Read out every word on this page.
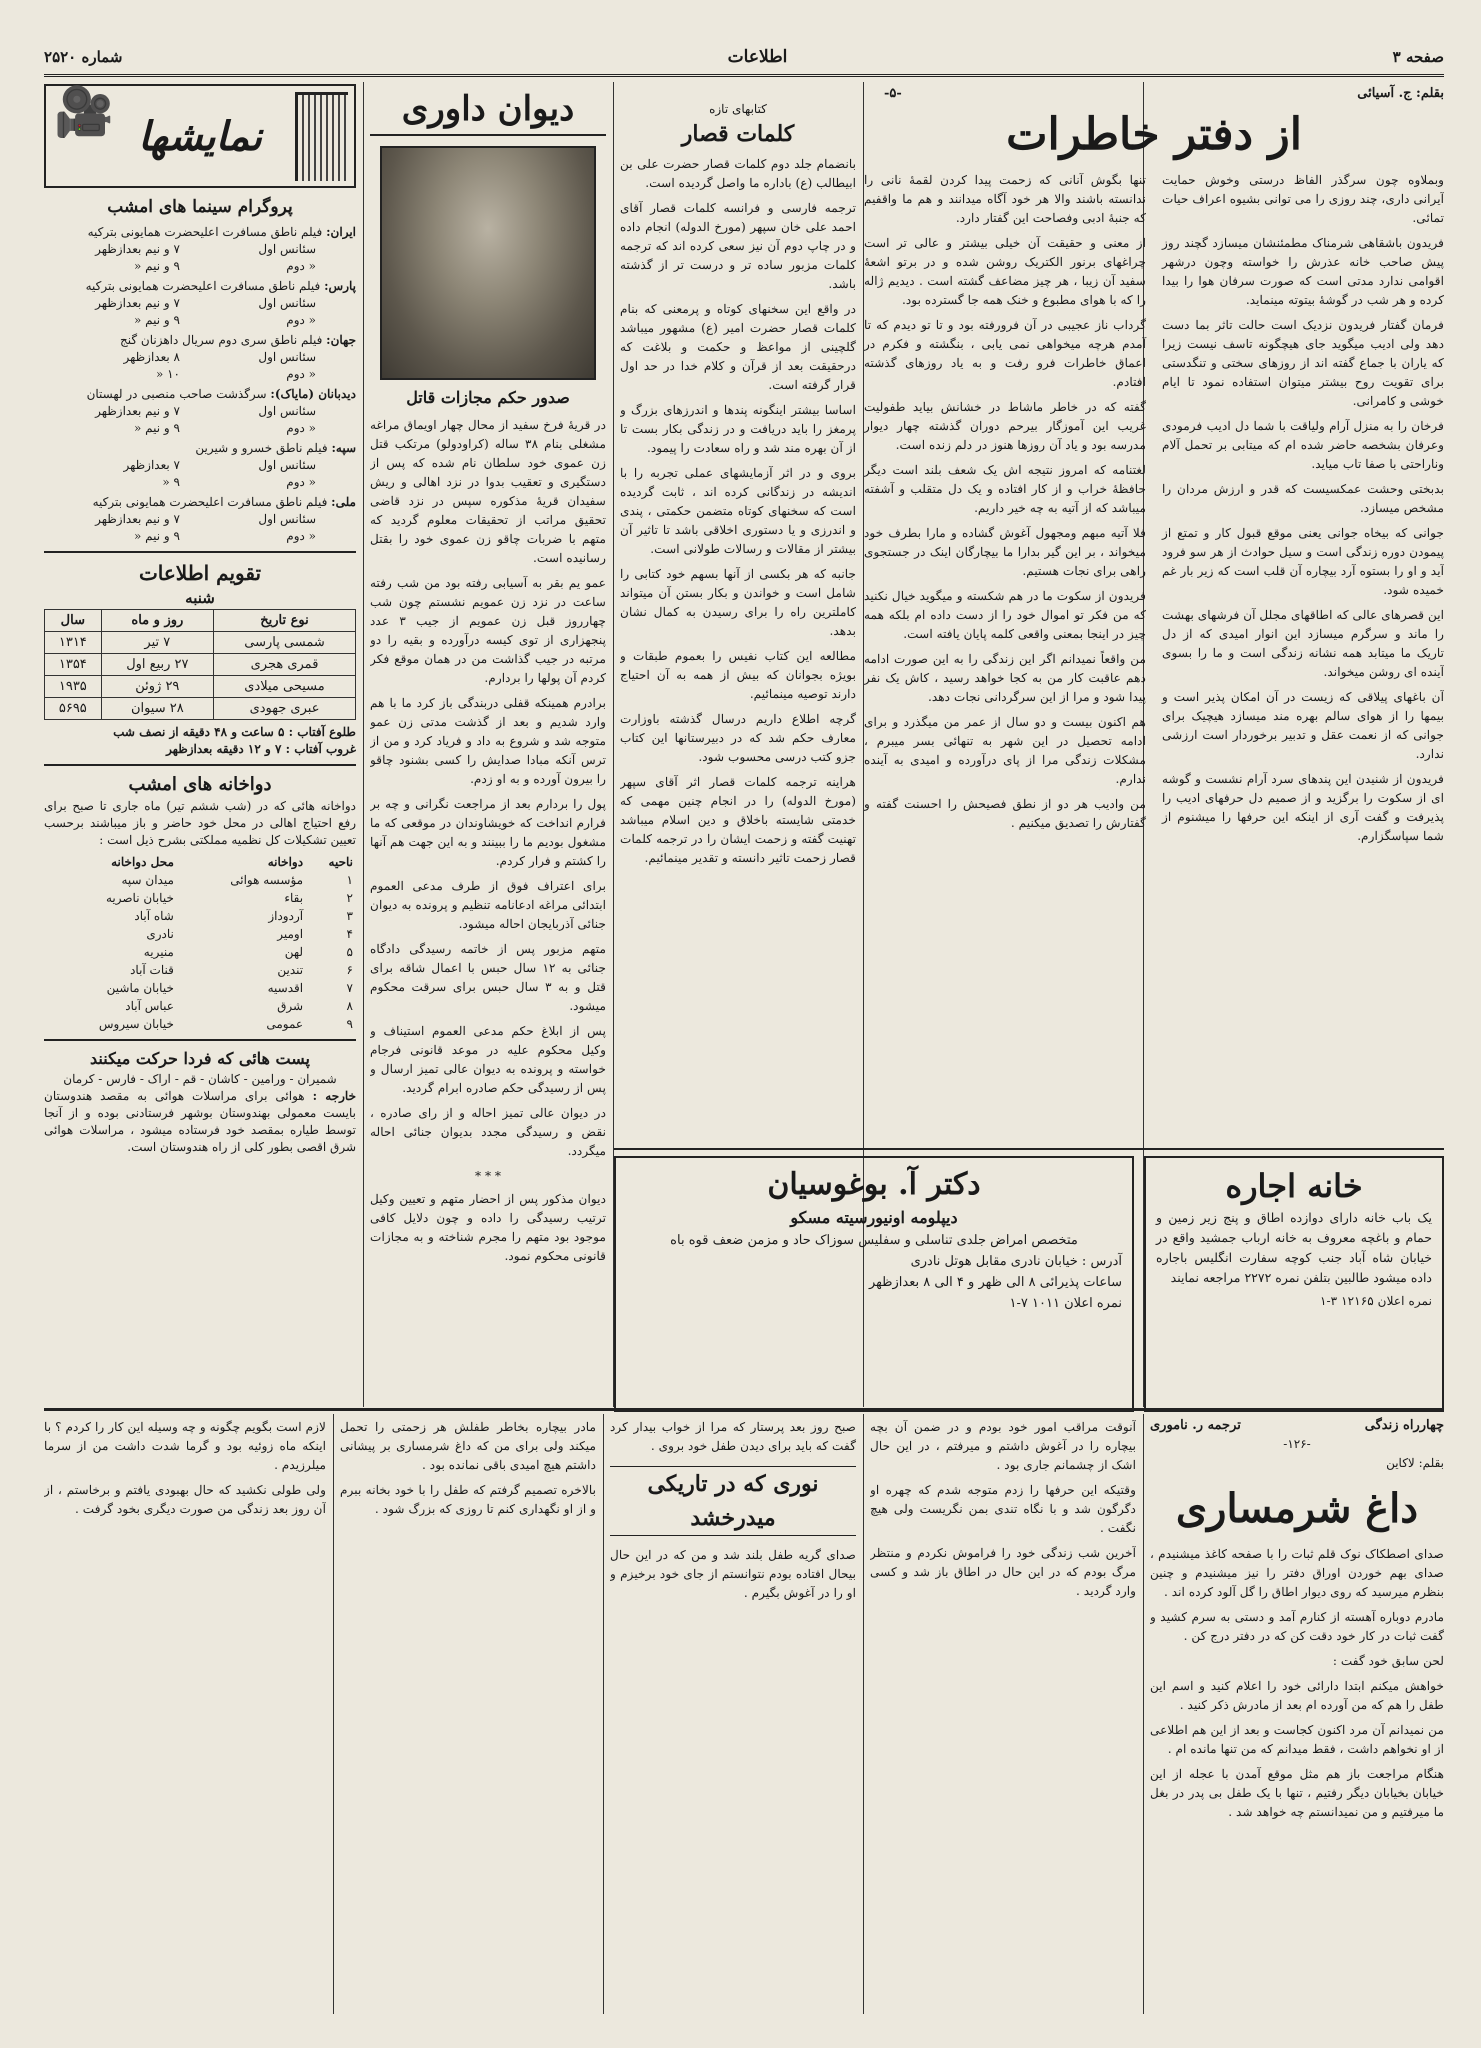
صفحه ۳
اطلاعات
شماره ۲۵۲۰
بقلم: ج. آسیائی
-۵-
از دفتر خاطرات

وبملاوه چون سرگذر الفاظ درستی وخوش حمایت آیرانی داری، چند روزی را می توانی بشیوه اعراف حیات تمائی.

فریدون باشقاهی شرمناک مطمئنشان میسازد گچند روز پیش صاحب خانه عذرش را خواسته وچون درشهر اقوامی ندارد مدتی است که صورت سرفان هوا را بیدا کرده و هر شب در گوشهٔ بیتوته مینماید.

فرمان گفتار فریدون نزدیک است حالت تاثر بما دست دهد ولی ادیب میگوید جای هیچگونه تاسف نیست زیرا که یاران با جماع گفته اند از روزهای سختی و تنگدستی برای تقویت روح بیشتر میتوان استفاده نمود تا ایام خوشی و کامرانی.

فرخان را به منزل آرام ولیاقت با شما دل ادیب فرمودی وعرفان بشخصه حاضر شده ام که میتابی بر تحمل آلام وناراحتی با صفا تاب میاید.

بدبختی وحشت عمکسیست که قدر و ارزش مردان را مشخص میسازد.

جوانی که بیخاه جوانی یعنی موقع قبول کار و تمتع از پیمودن دوره زندگی است و سیل حوادث از هر سو فرود آید و او را بستوه آرد بیچاره آن قلب است که زیر بار غم خمیده شود.

این قصرهای عالی که اطاقهای مجلل آن فرشهای بهشت را ماند و سرگرم میسازد این انوار امیدی که از دل تاریک ما میتابد همه نشانه زندگی است و ما را بسوی آینده ای روشن میخواند.

آن باغهای پیلاقی که زیست در آن امکان پذیر است و بیمها را از هوای سالم بهره مند میسازد هیچیک برای جوانی که از نعمت عقل و تدبیر برخوردار است ارزشی ندارد.

فریدون از شنیدن این پندهای سرد آرام نشست و گوشه ای از سکوت را برگزید و از صمیم دل حرفهای ادیب را پذیرفت و گفت آری از اینکه این حرفها را میشنوم از شما سپاسگزارم.

تنها بگوش آنانی که زحمت پیدا کردن لقمهٔ نانی را ندانسته باشند والا هر خود آگاه میدانند و هم ما واقفیم که جنبهٔ ادبی وفصاحت این گفتار دارد.

از معنی و حقیقت آن خیلی بیشتر و عالی تر است چراغهای برنور الکتریک روشن شده و در برتو اشعهٔ سفید آن زیبا ، هر چیز مضاعف گشته است . دیدیم ژاله را که با هوای مطبوع و خنک همه جا گسترده بود.

گرداب ناز عجیبی در آن فرورفته بود و تا تو دیدم که تا آمدم هرچه میخواهی نمی یابی ، بنگشته و فکرم در اعماق خاطرات فرو رفت و به یاد روزهای گذشته افتادم.

گفته که در خاطر ماشاط در خشانش بیاید طفولیت غریب این آموزگار بیرحم دوران گذشته چهار دیوار مدرسه بود و یاد آن روزها هنوز در دلم زنده است.

لغتنامه که امروز نتیجه اش یک شعف بلند است دیگر حافظهٔ خراب و از کار افتاده و یک دل متقلب و آشفته میباشد که از آتیه به چه خیر داریم.

فلا آتیه مبهم ومجهول آغوش گشاده و مارا بطرف خود میخواند ، بر این گیر بدارا ما بیچارگان اینک در جستجوی راهی برای نجات هستیم.

فریدون از سکوت ما در هم شکسته و میگوید خیال نکنید که من فکر تو اموال خود را از دست داده ام بلکه همه چیز در اینجا بمعنی واقعی کلمه پایان یافته است.

من واقعاً نمیدانم اگر این زندگی را به این صورت ادامه دهم عاقبت کار من به کجا خواهد رسید ، کاش یک نفر پیدا شود و مرا از این سرگردانی نجات دهد.

هم اکنون بیست و دو سال از عمر من میگذرد و برای ادامه تحصیل در این شهر به تنهائی بسر میبرم ، مشکلات زندگی مرا از پای درآورده و امیدی به آینده ندارم.

من وادیب هر دو از نطق فصیحش را احسنت گفته و گفتارش را تصدیق میکنیم .

کتابهای تازه
کلمات قصار

بانضمام جلد دوم کلمات قصار حضرت علی بن ابیطالب (ع) باداره ما واصل گردیده است.

ترجمه فارسی و فرانسه کلمات قصار آقای احمد علی خان سپهر (مورخ الدوله) انجام داده و در چاپ دوم آن نیز سعی کرده اند که ترجمه کلمات مزبور ساده تر و درست تر از گذشته باشد.

در واقع این سخنهای کوتاه و پرمعنی که بنام کلمات قصار حضرت امیر (ع) مشهور میباشد گلچینی از مواعظ و حکمت و بلاغت که درحقیقت بعد از قرآن و کلام خدا در حد اول قرار گرفته است.

اساسا بیشتر اینگونه پندها و اندرزهای بزرگ و پرمغز را باید دریافت و در زندگی بکار بست تا از آن بهره مند شد و راه سعادت را پیمود.

بروی و در اثر آزمایشهای عملی تجربه را با اندیشه در زندگانی کرده اند ، ثابت گردیده است که سخنهای کوتاه متضمن حکمتی ، پندی و اندرزی و یا دستوری اخلاقی باشد تا تاثیر آن بیشتر از مقالات و رسالات طولانی است.

جانبه که هر بکسی از آنها بسهم خود کتابی را شامل است و خواندن و بکار بستن آن میتواند کاملترین راه را برای رسیدن به کمال نشان بدهد.

مطالعه این کتاب نفیس را بعموم طبقات و بویژه بجوانان که بیش از همه به آن احتیاج دارند توصیه مینمائیم.

گرچه اطلاع داریم درسال گذشته باوزارت معارف حکم شد که در دبیرستانها این کتاب جزو کتب درسی محسوب شود.

هراینه ترجمه کلمات قصار اثر آقای سپهر (مورخ الدوله) را در انجام چنین مهمی که خدمتی شایسته باخلاق و دین اسلام میباشد تهنیت گفته و زحمت ایشان را در ترجمه کلمات قصار زحمت تاثیر دانسته و تقدیر مینمائیم.

دیوان داوری
صدور حکم مجازات قاتل

در قریهٔ فرخ سفید از محال چهار اویماق مراغه مشغلی بنام ۳۸ ساله (کراودولو) مرتکب قتل زن عموی خود سلطان نام شده که پس از دستگیری و تعقیب بدوا در نزد اهالی و ریش سفیدان قریهٔ مذکوره سپس در نزد قاضی تحقیق مراتب از تحقیقات معلوم گردید که متهم با ضربات چاقو زن عموی خود را بقتل رسانیده است.

عمو یم بقر به آسیابی رفته بود من شب رفته ساعت در نزد زن عمویم نشستم چون شب چهارروز قبل زن عمویم از جیب ۳ عدد پنجهزاری از توی کیسه درآورده و بقیه را دو مرتبه در جیب گذاشت من در همان موقع فکر کردم آن پولها را بردارم.

برادرم همینکه قفلی دربندگی باز کرد ما با هم وارد شدیم و بعد از گذشت مدتی زن عمو متوجه شد و شروع به داد و فریاد کرد و من از ترس آنکه مبادا صدایش را کسی بشنود چاقو را بیرون آورده و به او زدم.

پول را بردارم بعد از مراجعت نگرانی و چه بر فرارم انداخت که خویشاوندان در موقعی که ما مشغول بودیم ما را ببینند و به این جهت هم آنها را کشتم و فرار کردم.

برای اعتراف فوق از طرف مدعی العموم ابتدائی مراغه ادعانامه تنظیم و پرونده به دیوان جنائی آذربایجان احاله میشود.

متهم مزبور پس از خاتمه رسیدگی دادگاه جنائی به ۱۲ سال حبس با اعمال شاقه برای قتل و به ۳ سال حبس برای سرقت محکوم میشود.

پس از ابلاغ حکم مدعی العموم استیناف و وکیل محکوم علیه در موعد قانونی فرجام خواسته و پرونده به دیوان عالی تمیز ارسال و پس از رسیدگی حکم صادره ابرام گردید.

در دیوان عالی تمیز احاله و از رای صادره ، نقض و رسیدگی مجدد بدیوان جنائی احاله میگردد.

* * *

دیوان مذکور پس از احضار متهم و تعیین وکیل ترتیب رسیدگی را داده و چون دلایل کافی موجود بود متهم را مجرم شناخته و به مجازات قانونی محکوم نمود.

نمایشها
🎥
پروگرام سینما های امشب
ایران: فیلم ناطق مسافرت اعلیحضرت همایونی بترکیه
سئانس اول
۷ و نیم بعدازظهر
« دوم
۹ و نیم «
پارس: فیلم ناطق مسافرت اعلیحضرت همایونی بترکیه
سئانس اول
۷ و نیم بعدازظهر
« دوم
۹ و نیم «
جهان: فیلم ناطق سری دوم سریال داهزنان گنج
سئانس اول
۸ بعدازظهر
« دوم
۱۰ «
دیدبانان (مایاک): سرگذشت صاحب منصبی در لهستان
سئانس اول
۷ و نیم بعدازظهر
« دوم
۹ و نیم «
سپه: فیلم ناطق خسرو و شیرین
سئانس اول
۷ بعدازظهر
« دوم
۹ «
ملی: فیلم ناطق مسافرت اعلیحضرت همایونی بترکیه
سئانس اول
۷ و نیم بعدازظهر
« دوم
۹ و نیم «
تقویم اطلاعات
شنبه
نوع تاریخ	روز و ماه	سال
شمسی پارسی	۷ تیر	۱۳۱۴
قمری هجری	۲۷ ربیع اول	۱۳۵۴
مسیحی میلادی	۲۹ ژوئن	۱۹۳۵
عبری جهودی	۲۸ سیوان	۵۶۹۵
طلوع آفتاب : ۵ ساعت و ۴۸ دقیقه از نصف شب
غروب آفتاب : ۷ و ۱۲ دقیقه بعدازظهر
دواخانه های امشب
دواخانه هائی که در (شب ششم تیر) ماه جاری تا صبح برای رفع احتیاج اهالی در محل خود حاضر و باز میباشند برحسب تعیین تشکیلات کل نظمیه مملکتی بشرح ذیل است :
ناحیه	دواخانه	محل دواخانه
۱	مؤسسه هوائی	میدان سپه
۲	بقاء	خیابان ناصریه
۳	آردوداز	شاه آباد
۴	اومیر	نادری
۵	لهن	منیریه
۶	تندین	قنات آباد
۷	اقدسیه	خیابان ماشین
۸	شرق	عباس آباد
۹	عمومی	خیابان سیروس
پست هائی که فردا حرکت میکنند
شمیران - ورامین - کاشان - قم - اراک - فارس - کرمان
خارجه : هوائی برای مراسلات هوائی به مقصد هندوستان بایست معمولی بهندوستان بوشهر فرستادنی بوده و از آنجا توسط طیاره بمقصد خود فرستاده میشود ، مراسلات هوائی شرق اقصی بطور کلی از راه هندوستان است.
خانه اجاره
یک باب خانه دارای دوازده اطاق و پنج زیر زمین و حمام و باغچه معروف به خانه ارباب جمشید واقع در خیابان شاه آباد جنب کوچه سفارت انگلیس باجاره داده میشود طالبین بتلفن نمره ۲۲۷۲ مراجعه نمایند
نمره اعلان ۱۲۱۶۵ ۳-۱
دکتر آ. بوغوسیان
دیپلومه اونیورسیته مسکو
متخصص امراض جلدی تناسلی و سفلیس سوزاک حاد و مزمن ضعف قوه باه
آدرس : خیابان نادری مقابل هوتل نادری
ساعات پذیرائی ۸ الی ظهر و ۴ الی ۸ بعدازظهر
نمره اعلان ۱۰۱۱ ۷-۱
چهارراه زندگی
ترجمه ر. ناموری
-۱۲۶-
بقلم: لاکاین
داغ شرمساری

صدای اصطکاک نوک قلم ثبات را با صفحه کاغذ میشنیدم ، صدای بهم خوردن اوراق دفتر را نیز میشنیدم و چنین بنظرم میرسید که روی دیوار اطاق را گل آلود کرده اند .

مادرم دوباره آهسته از کنارم آمد و دستی به سرم کشید و گفت ثبات در کار خود دقت کن که در دفتر درج کن .

لحن سابق خود گفت :

خواهش میکنم ابتدا دارائی خود را اعلام کنید و اسم این طفل را هم که من آورده ام بعد از مادرش ذکر کنید .

من نمیدانم آن مرد اکنون کجاست و بعد از این هم اطلاعی از او نخواهم داشت ، فقط میدانم که من تنها مانده ام .

هنگام مراجعت باز هم مثل موقع آمدن با عجله از این خیابان بخیابان دیگر رفتیم ، تنها با یک طفل بی پدر در بغل ما میرفتیم و من نمیدانستم چه خواهد شد .

آنوقت مراقب امور خود بودم و در ضمن آن بچه بیچاره را در آغوش داشتم و میرفتم ، در این حال اشک از چشمانم جاری بود .

وقتیکه این حرفها را زدم متوجه شدم که چهره او دگرگون شد و با نگاه تندی بمن نگریست ولی هیچ نگفت .

آخرین شب زندگی خود را فراموش نکردم و منتظر مرگ بودم که در این حال در اطاق باز شد و کسی وارد گردید .

صبح روز بعد پرستار که مرا از خواب بیدار کرد گفت که باید برای دیدن طفل خود بروی .

نوری که در تاریکی میدرخشد

صدای گریه طفل بلند شد و من که در این حال بیحال افتاده بودم نتوانستم از جای خود برخیزم و او را در آغوش بگیرم .

مادر بیچاره بخاطر طفلش هر زحمتی را تحمل میکند ولی برای من که داغ شرمساری بر پیشانی داشتم هیچ امیدی باقی نمانده بود .

بالاخره تصمیم گرفتم که طفل را با خود بخانه ببرم و از او نگهداری کنم تا روزی که بزرگ شود .

لازم است بگویم چگونه و چه وسیله این کار را کردم ؟ با اینکه ماه زوئیه بود و گرما شدت داشت من از سرما میلرزیدم .

ولی طولی نکشید که حال بهبودی یافتم و برخاستم ، از آن روز بعد زندگی من صورت دیگری بخود گرفت .
